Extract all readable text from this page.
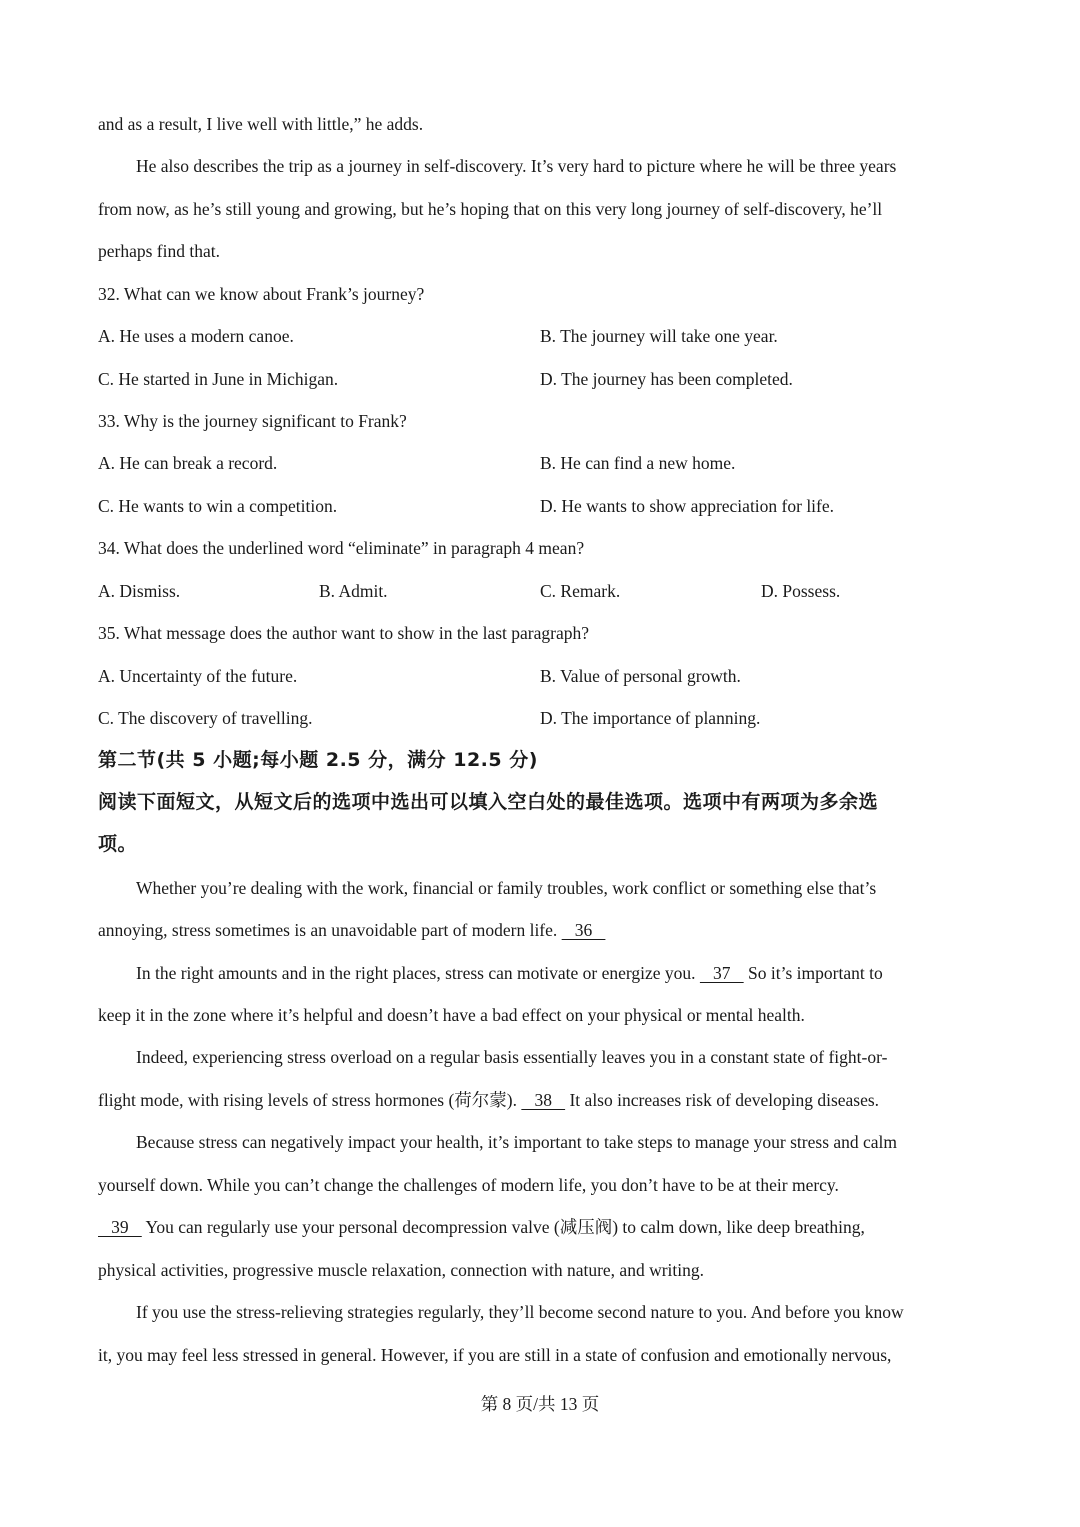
and as a result, I live well with little,” he adds.
He also describes the trip as a journey in self-discovery. It’s very hard to picture where he will be three years
from now, as he’s still young and growing, but he’s hoping that on this very long journey of self-discovery, he’ll
perhaps find that.
32. What can we know about Frank’s journey?
A. He uses a modern canoe.	B. The journey will take one year.
C. He started in June in Michigan.	D. The journey has been completed.
33. Why is the journey significant to Frank?
A. He can break a record.	B. He can find a new home.
C. He wants to win a competition.	D. He wants to show appreciation for life.
34. What does the underlined word “eliminate” in paragraph 4 mean?
A. Dismiss.	B. Admit.	C. Remark.	D. Possess.
35. What message does the author want to show in the last paragraph?
A. Uncertainty of the future.	B. Value of personal growth.
C. The discovery of travelling.	D. The importance of planning.
第二节(共 5 小题;每小题 2.5 分，满分 12.5 分)
阅读下面短文，从短文后的选项中选出可以填入空白处的最佳选项。选项中有两项为多余选
项。
Whether you’re dealing with the work, financial or family troubles, work conflict or something else that’s
annoying, stress sometimes is an unavoidable part of modern life.    36
In the right amounts and in the right places, stress can motivate or energize you.    37    So it’s important to
keep it in the zone where it’s helpful and doesn’t have a bad effect on your physical or mental health.
Indeed, experiencing stress overload on a regular basis essentially leaves you in a constant state of fight-or-
flight mode, with rising levels of stress hormones (荷尔蒙).    38    It also increases risk of developing diseases.
Because stress can negatively impact your health, it’s important to take steps to manage your stress and calm
yourself down. While you can’t change the challenges of modern life, you don’t have to be at their mercy.
39    You can regularly use your personal decompression valve (减压阀) to calm down, like deep breathing,
physical activities, progressive muscle relaxation, connection with nature, and writing.
If you use the stress-relieving strategies regularly, they’ll become second nature to you. And before you know
it, you may feel less stressed in general. However, if you are still in a state of confusion and emotionally nervous,
第 8 页/共 13 页
